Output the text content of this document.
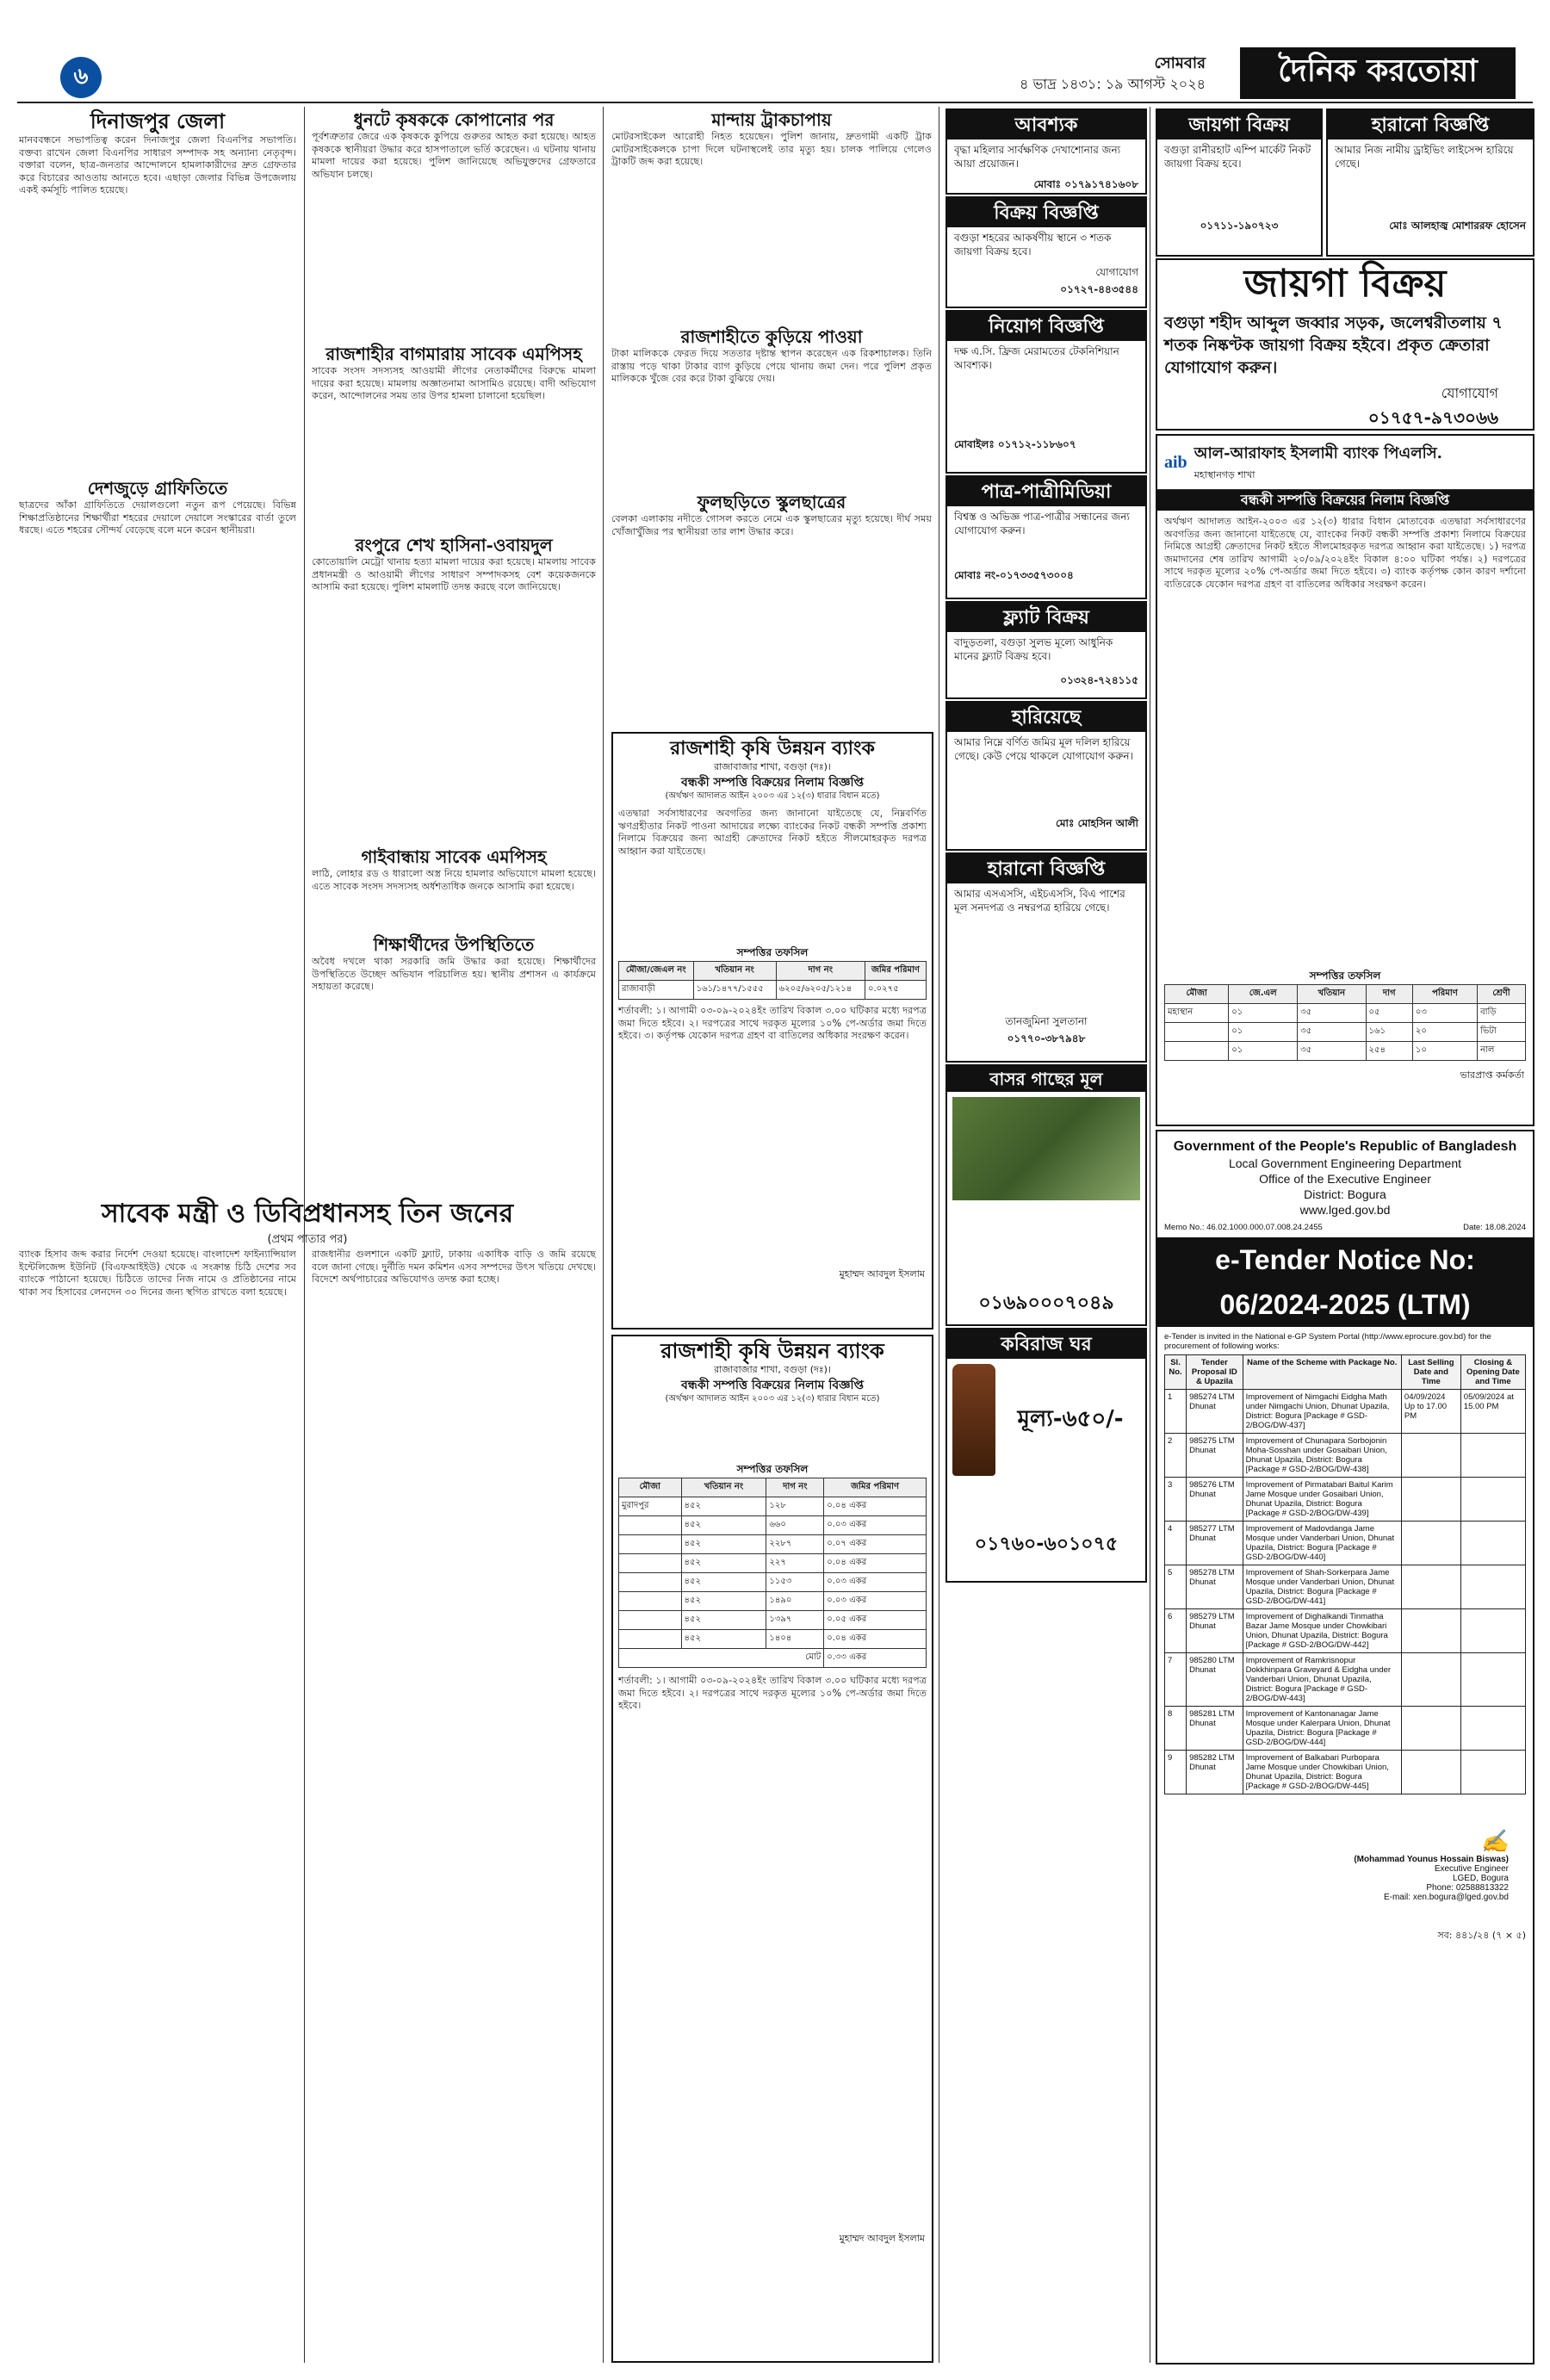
৬
সোমবার
৪ ভাদ্র ১৪৩১: ১৯ আগস্ট ২০২৪	দৈনিক করতোয়া
দিনাজপুর জেলা
মানববন্ধনে সভাপতিত্ব করেন দিনাজপুর জেলা বিএনপির সভাপতি। বক্তব্য রাখেন জেলা বিএনপির সাধারণ সম্পাদক সহ অন্যান্য নেতৃবৃন্দ। বক্তারা বলেন, ছাত্র-জনতার আন্দোলনে হামলাকারীদের দ্রুত গ্রেফতার করে বিচারের আওতায় আনতে হবে। এছাড়া জেলার বিভিন্ন উপজেলায় একই কর্মসূচি পালিত হয়েছে।
দেশজুড়ে গ্রাফিতিতে
ছাত্রদের আঁকা গ্রাফিতিতে দেয়ালগুলো নতুন রূপ পেয়েছে। বিভিন্ন শিক্ষাপ্রতিষ্ঠানের শিক্ষার্থীরা শহরের দেয়ালে দেয়ালে সংস্কারের বার্তা তুলে ধরছে। এতে শহরের সৌন্দর্য বেড়েছে বলে মনে করেন স্থানীয়রা।
সাবেক মন্ত্রী ও ডিবিপ্রধানসহ তিন জনের
(প্রথম পাতার পর)
ব্যাংক হিসাব জব্দ করার নির্দেশ দেওয়া হয়েছে। বাংলাদেশ ফাইন্যান্সিয়াল ইন্টেলিজেন্স ইউনিট (বিএফআইইউ) থেকে এ সংক্রান্ত চিঠি দেশের সব ব্যাংকে পাঠানো হয়েছে। চিঠিতে তাদের নিজ নামে ও প্রতিষ্ঠানের নামে থাকা সব হিসাবের লেনদেন ৩০ দিনের জন্য স্থগিত রাখতে বলা হয়েছে।
রাজধানীর গুলশানে একটি ফ্ল্যাট, ঢাকায় একাধিক বাড়ি ও জমি রয়েছে বলে জানা গেছে। দুর্নীতি দমন কমিশন এসব সম্পদের উৎস খতিয়ে দেখছে। বিদেশে অর্থপাচারের অভিযোগও তদন্ত করা হচ্ছে।
ধুনটে কৃষককে কোপানোর পর
পূর্বশত্রুতার জেরে এক কৃষককে কুপিয়ে গুরুতর আহত করা হয়েছে। আহত কৃষককে স্থানীয়রা উদ্ধার করে হাসপাতালে ভর্তি করেছেন। এ ঘটনায় থানায় মামলা দায়ের করা হয়েছে। পুলিশ জানিয়েছে অভিযুক্তদের গ্রেফতারে অভিযান চলছে।
রাজশাহীর বাগমারায় সাবেক এমপিসহ
সাবেক সংসদ সদস্যসহ আওয়ামী লীগের নেতাকর্মীদের বিরুদ্ধে মামলা দায়ের করা হয়েছে। মামলায় অজ্ঞাতনামা আসামিও রয়েছে। বাদী অভিযোগ করেন, আন্দোলনের সময় তার উপর হামলা চালানো হয়েছিল।
রংপুরে শেখ হাসিনা-ওবায়দুল
কোতোয়ালি মেট্রো থানায় হত্যা মামলা দায়ের করা হয়েছে। মামলায় সাবেক প্রধানমন্ত্রী ও আওয়ামী লীগের সাধারণ সম্পাদকসহ বেশ কয়েকজনকে আসামি করা হয়েছে। পুলিশ মামলাটি তদন্ত করছে বলে জানিয়েছে।
গাইবান্ধায় সাবেক এমপিসহ
লাঠি, লোহার রড ও ধারালো অস্ত্র নিয়ে হামলার অভিযোগে মামলা হয়েছে। এতে সাবেক সংসদ সদস্যসহ অর্ধশতাধিক জনকে আসামি করা হয়েছে।
শিক্ষার্থীদের উপস্থিতিতে
অবৈধ দখলে থাকা সরকারি জমি উদ্ধার করা হয়েছে। শিক্ষার্থীদের উপস্থিতিতে উচ্ছেদ অভিযান পরিচালিত হয়। স্থানীয় প্রশাসন এ কার্যক্রমে সহায়তা করেছে।
মান্দায় ট্রাকচাপায়
মোটরসাইকেল আরোহী নিহত হয়েছেন। পুলিশ জানায়, দ্রুতগামী একটি ট্রাক মোটরসাইকেলকে চাপা দিলে ঘটনাস্থলেই তার মৃত্যু হয়। চালক পালিয়ে গেলেও ট্রাকটি জব্দ করা হয়েছে।
রাজশাহীতে কুড়িয়ে পাওয়া
টাকা মালিককে ফেরত দিয়ে সততার দৃষ্টান্ত স্থাপন করেছেন এক রিকশাচালক। তিনি রাস্তায় পড়ে থাকা টাকার ব্যাগ কুড়িয়ে পেয়ে থানায় জমা দেন। পরে পুলিশ প্রকৃত মালিককে খুঁজে বের করে টাকা বুঝিয়ে দেয়।
ফুলছড়িতে স্কুলছাত্রের
বেলকা এলাকায় নদীতে গোসল করতে নেমে এক স্কুলছাত্রের মৃত্যু হয়েছে। দীর্ঘ সময় খোঁজাখুঁজির পর স্থানীয়রা তার লাশ উদ্ধার করে।
রাজশাহী কৃষি উন্নয়ন ব্যাংক
রাজাবাজার শাখা, বগুড়া (দঃ)।
বন্ধকী সম্পত্তি বিক্রয়ের নিলাম বিজ্ঞপ্তি
(অর্থঋণ আদালত আইন ২০০৩ এর ১২(৩) ধারার বিধান মতে)
এতদ্বারা সর্বসাধারণের অবগতির জন্য জানানো যাইতেছে যে, নিম্নবর্ণিত ঋণগ্রহীতার নিকট পাওনা আদায়ের লক্ষ্যে ব্যাংকের নিকট বন্ধকী সম্পত্তি প্রকাশ্য নিলামে বিক্রয়ের জন্য আগ্রহী ক্রেতাদের নিকট হইতে সীলমোহরকৃত দরপত্র আহ্বান করা যাইতেছে।
সম্পত্তির তফসিল
মৌজা/জেএল নং	খতিয়ান নং	দাগ নং	জমির পরিমাণ
রাজাবাড়ী	১৬১/১৪৭৭/১৫৫৫	৬২০৫/৬২০৫/১২১৪	০.০২৭৫
শর্তাবলী: ১। আগামী ০৩-০৯-২০২৪ইং তারিখ বিকাল ৩.০০ ঘটিকার মধ্যে দরপত্র জমা দিতে হইবে। ২। দরপত্রের সাথে দরকৃত মূল্যের ১০% পে-অর্ডার জমা দিতে হইবে। ৩। কর্তৃপক্ষ যেকোন দরপত্র গ্রহণ বা বাতিলের অধিকার সংরক্ষণ করেন।
মুহাম্মদ আবদুল ইসলাম
রাজশাহী কৃষি উন্নয়ন ব্যাংক
রাজাবাজার শাখা, বগুড়া (দঃ)।
বন্ধকী সম্পত্তি বিক্রয়ের নিলাম বিজ্ঞপ্তি
(অর্থঋণ আদালত আইন ২০০৩ এর ১২(৩) ধারার বিধান মতে)
সম্পত্তির তফসিল
মৌজা	খতিয়ান নং	দাগ নং	জমির পরিমাণ
মুরাদপুর	৪৫২	১২৮	০.০৪ একর
	৪৫২	৬৬০	০.০৩ একর
	৪৫২	২২৮৭	০.০৭ একর
	৪৫২	২২৭	০.০৪ একর
	৪৫২	১১৫৩	০.০৩ একর
	৪৫২	১৪৯০	০.০৩ একর
	৪৫২	১৩৯৭	০.০৫ একর
	৪৫২	১৪০৪	০.০৪ একর
মোট			০.৩৩ একর
শর্তাবলী: ১। আগামী ০৩-০৯-২০২৪ইং তারিখ বিকাল ৩.০০ ঘটিকার মধ্যে দরপত্র জমা দিতে হইবে। ২। দরপত্রের সাথে দরকৃত মূল্যের ১০% পে-অর্ডার জমা দিতে হইবে।
মুহাম্মদ আবদুল ইসলাম
আবশ্যক
বৃদ্ধা মহিলার সার্বক্ষণিক দেখাশোনার জন্য আয়া প্রয়োজন।
মোবাঃ ০১৭৯১৭৪১৬০৮
বিক্রয় বিজ্ঞপ্তি
বগুড়া শহরের আকর্ষণীয় স্থানে ৩ শতক জায়গা বিক্রয় হবে।
যোগাযোগ
০১৭২৭-৪৪৩৫৪৪
নিয়োগ বিজ্ঞপ্তি
দক্ষ এ.সি. ফ্রিজ মেরামতের টেকনিশিয়ান আবশ্যক।
মোবাইলঃ ০১৭১২-১১৮৬০৭
পাত্র-পাত্রীমিডিয়া
বিশ্বস্ত ও অভিজ্ঞ পাত্র-পাত্রীর সন্ধানের জন্য যোগাযোগ করুন।
মোবাঃ নং-০১৭৩৩৫৭৩০০৪
ফ্ল্যাট বিক্রয়
বাদুড়তলা, বগুড়া সুলভ মূল্যে আধুনিক মানের ফ্ল্যাট বিক্রয় হবে।
০১৩২৪-৭২৪১১৫
হারিয়েছে
আমার নিম্নে বর্ণিত জমির মূল দলিল হারিয়ে গেছে। কেউ পেয়ে থাকলে যোগাযোগ করুন।
মোঃ মোহসিন আলী
হারানো বিজ্ঞপ্তি
আমার এসএসসি, এইচএসসি, বিএ পাশের মূল সনদপত্র ও নম্বরপত্র হারিয়ে গেছে।
তানজুমিনা সুলতানা
০১৭৭০-৩৮৭৯৪৮
বাসর গাছের মূল
০১৬৯০০০৭০৪৯
কবিরাজ ঘর
মূল্য-৬৫০/-
০১৭৬০-৬০১০৭৫
জায়গা বিক্রয়
বগুড়া রানীরহাট এম্পি মার্কেট নিকট জায়গা বিক্রয় হবে।
০১৭১১-১৯০৭২৩
হারানো বিজ্ঞপ্তি
আমার নিজ নামীয় ড্রাইভিং লাইসেন্স হারিয়ে গেছে।
মোঃ আলহাজ্ব মোশাররফ হোসেন
জায়গা বিক্রয়
বগুড়া শহীদ আব্দুল জব্বার সড়ক, জলেশ্বরীতলায় ৭ শতক নিষ্কণ্টক জায়গা বিক্রয় হইবে। প্রকৃত ক্রেতারা যোগাযোগ করুন।
যোগাযোগ
০১৭৫৭-৯৭৩০৬৬
aib আল-আরাফাহ ইসলামী ব্যাংক পিএলসি.
মহাস্থানগড় শাখা
বন্ধকী সম্পত্তি বিক্রয়ের নিলাম বিজ্ঞপ্তি
অর্থঋণ আদালত আইন-২০০৩ এর ১২(৩) ধারার বিধান মোতাবেক এতদ্বারা সর্বসাধারণের অবগতির জন্য জানানো যাইতেছে যে, ব্যাংকের নিকট বন্ধকী সম্পত্তি প্রকাশ্য নিলামে বিক্রয়ের নিমিত্তে আগ্রহী ক্রেতাদের নিকট হইতে সীলমোহরকৃত দরপত্র আহ্বান করা যাইতেছে। ১) দরপত্র জমাদানের শেষ তারিখ আগামী ২০/০৯/২০২৪ইং বিকাল ৪:০০ ঘটিকা পর্যন্ত। ২) দরপত্রের সাথে দরকৃত মূল্যের ২০% পে-অর্ডার জমা দিতে হইবে। ৩) ব্যাংক কর্তৃপক্ষ কোন কারণ দর্শানো ব্যতিরেকে যেকোন দরপত্র গ্রহণ বা বাতিলের অধিকার সংরক্ষণ করেন।
সম্পত্তির তফসিল
মৌজা	জে.এল	খতিয়ান	দাগ	পরিমাণ	শ্রেণী
মহাস্থান	০১	৩৫	০৫	০৩	বাড়ি
	০১	৩৫	১৬১	২০	ভিটা
	০১	৩৫	২৫৪	১০	নাল
ভারপ্রাপ্ত কর্মকর্তা
Government of the People's Republic of Bangladesh
Local Government Engineering Department
Office of the Executive Engineer
District: Bogura
www.lged.gov.bd
Memo No.: 46.02.1000.000.07.008.24.2455	Date: 18.08.2024
e-Tender Notice No: 06/2024-2025 (LTM)
e-Tender is invited in the National e-GP System Portal (http://www.eprocure.gov.bd) for the procurement of following works:
Sl. No.	Tender Proposal ID & Upazila	Name of the Scheme with Package No.	Last Selling Date and Time	Closing & Opening Date and Time
1	985274 LTM Dhunat	Improvement of Nimgachi Eidgha Math under Nimgachi Union, Dhunat Upazila, District: Bogura [Package # GSD-2/BOG/DW-437]	04/09/2024 Up to 17.00 PM	05/09/2024 at 15.00 PM
2	985275 LTM Dhunat	Improvement of Chunapara Sorbojonin Moha-Sosshan under Gosaibari Union, Dhunat Upazila, District: Bogura [Package # GSD-2/BOG/DW-438]		
3	985276 LTM Dhunat	Improvement of Pirmatabari Baitul Karim Jame Mosque under Gosaibari Union, Dhunat Upazila, District: Bogura [Package # GSD-2/BOG/DW-439]		
4	985277 LTM Dhunat	Improvement of Madovdanga Jame Mosque under Vanderbari Union, Dhunat Upazila, District: Bogura [Package # GSD-2/BOG/DW-440]		
5	985278 LTM Dhunat	Improvement of Shah-Sorkerpara Jame Mosque under Vanderbari Union, Dhunat Upazila, District: Bogura [Package # GSD-2/BOG/DW-441]		
6	985279 LTM Dhunat	Improvement of Dighalkandi Tinmatha Bazar Jame Mosque under Chowkibari Union, Dhunat Upazila, District: Bogura [Package # GSD-2/BOG/DW-442]		
7	985280 LTM Dhunat	Improvement of Ramkrisnopur Dokkhinpara Graveyard & Eidgha under Vanderbari Union, Dhunat Upazila, District: Bogura [Package # GSD-2/BOG/DW-443]		
8	985281 LTM Dhunat	Improvement of Kantonanagar Jame Mosque under Kalerpara Union, Dhunat Upazila, District: Bogura [Package # GSD-2/BOG/DW-444]		
9	985282 LTM Dhunat	Improvement of Balkabari Purbopara Jame Mosque under Chowkibari Union, Dhunat Upazila, District: Bogura [Package # GSD-2/BOG/DW-445]		
✍
(Mohammad Younus Hossain Biswas)
Executive Engineer
LGED, Bogura
Phone: 02588813322
E-mail: xen.bogura@lged.gov.bd
সব: ৪৪১/২৪ (৭ × ৫)
